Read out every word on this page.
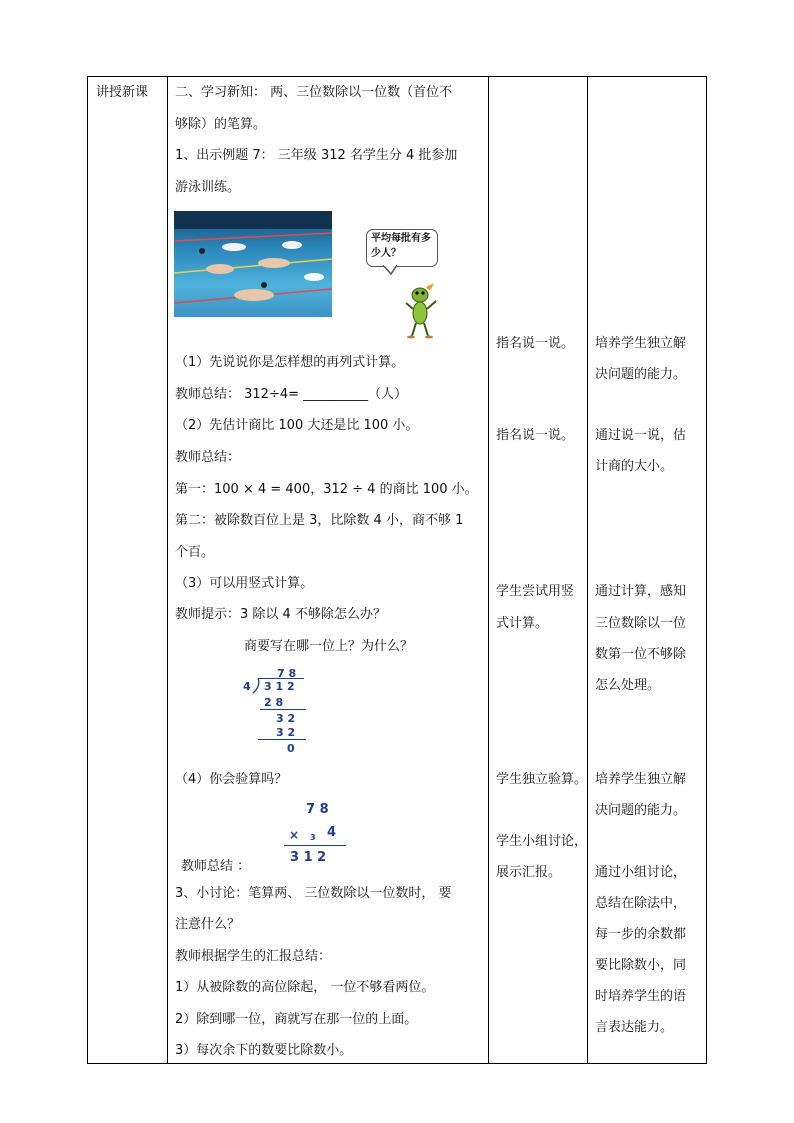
讲授新课 二、学习新知： 两、三位数除以一位数（首位不
够除）的笔算。
1、出示例题 7： 三年级 312 名学生分 4 批参加
游泳训练。
平均每批有多少人？
（1）先说说你是怎样想的再列式计算。
教师总结： 312÷4= __________（人）
（2）先估计商比 100 大还是比 100 小。
教师总结：
第一：100 × 4 = 400，312 ÷ 4 的商比 100 小。
第二：被除数百位上是 3，比除数 4 小，商不够 1
个百。
（3）可以用竖式计算。
教师提示：3 除以 4 不够除怎么办？
商要写在哪一位上？为什么？
7 8
4 3 1 2
2 8
3 2
3 2
0
（4）你会验算吗？
7 8
× 3 4
3 1 2
教师总结 ：
3、小讨论：笔算两、 三位数除以一位数时， 要
注意什么？
教师根据学生的汇报总结：
1）从被除数的高位除起， 一位不够看两位。
2）除到哪一位，商就写在那一位的上面。
3）每次余下的数要比除数小。
指名说一说。
指名说一说。
学生尝试用竖
式计算。
学生独立验算。
学生小组讨论，
展示汇报。
培养学生独立解
决问题的能力。
通过说一说，估
计商的大小。
通过计算，感知
三位数除以一位
数第一位不够除
怎么处理。
培养学生独立解
决问题的能力。
通过小组讨论，
总结在除法中，
每一步的余数都
要比除数小，同
时培养学生的语
言表达能力。
